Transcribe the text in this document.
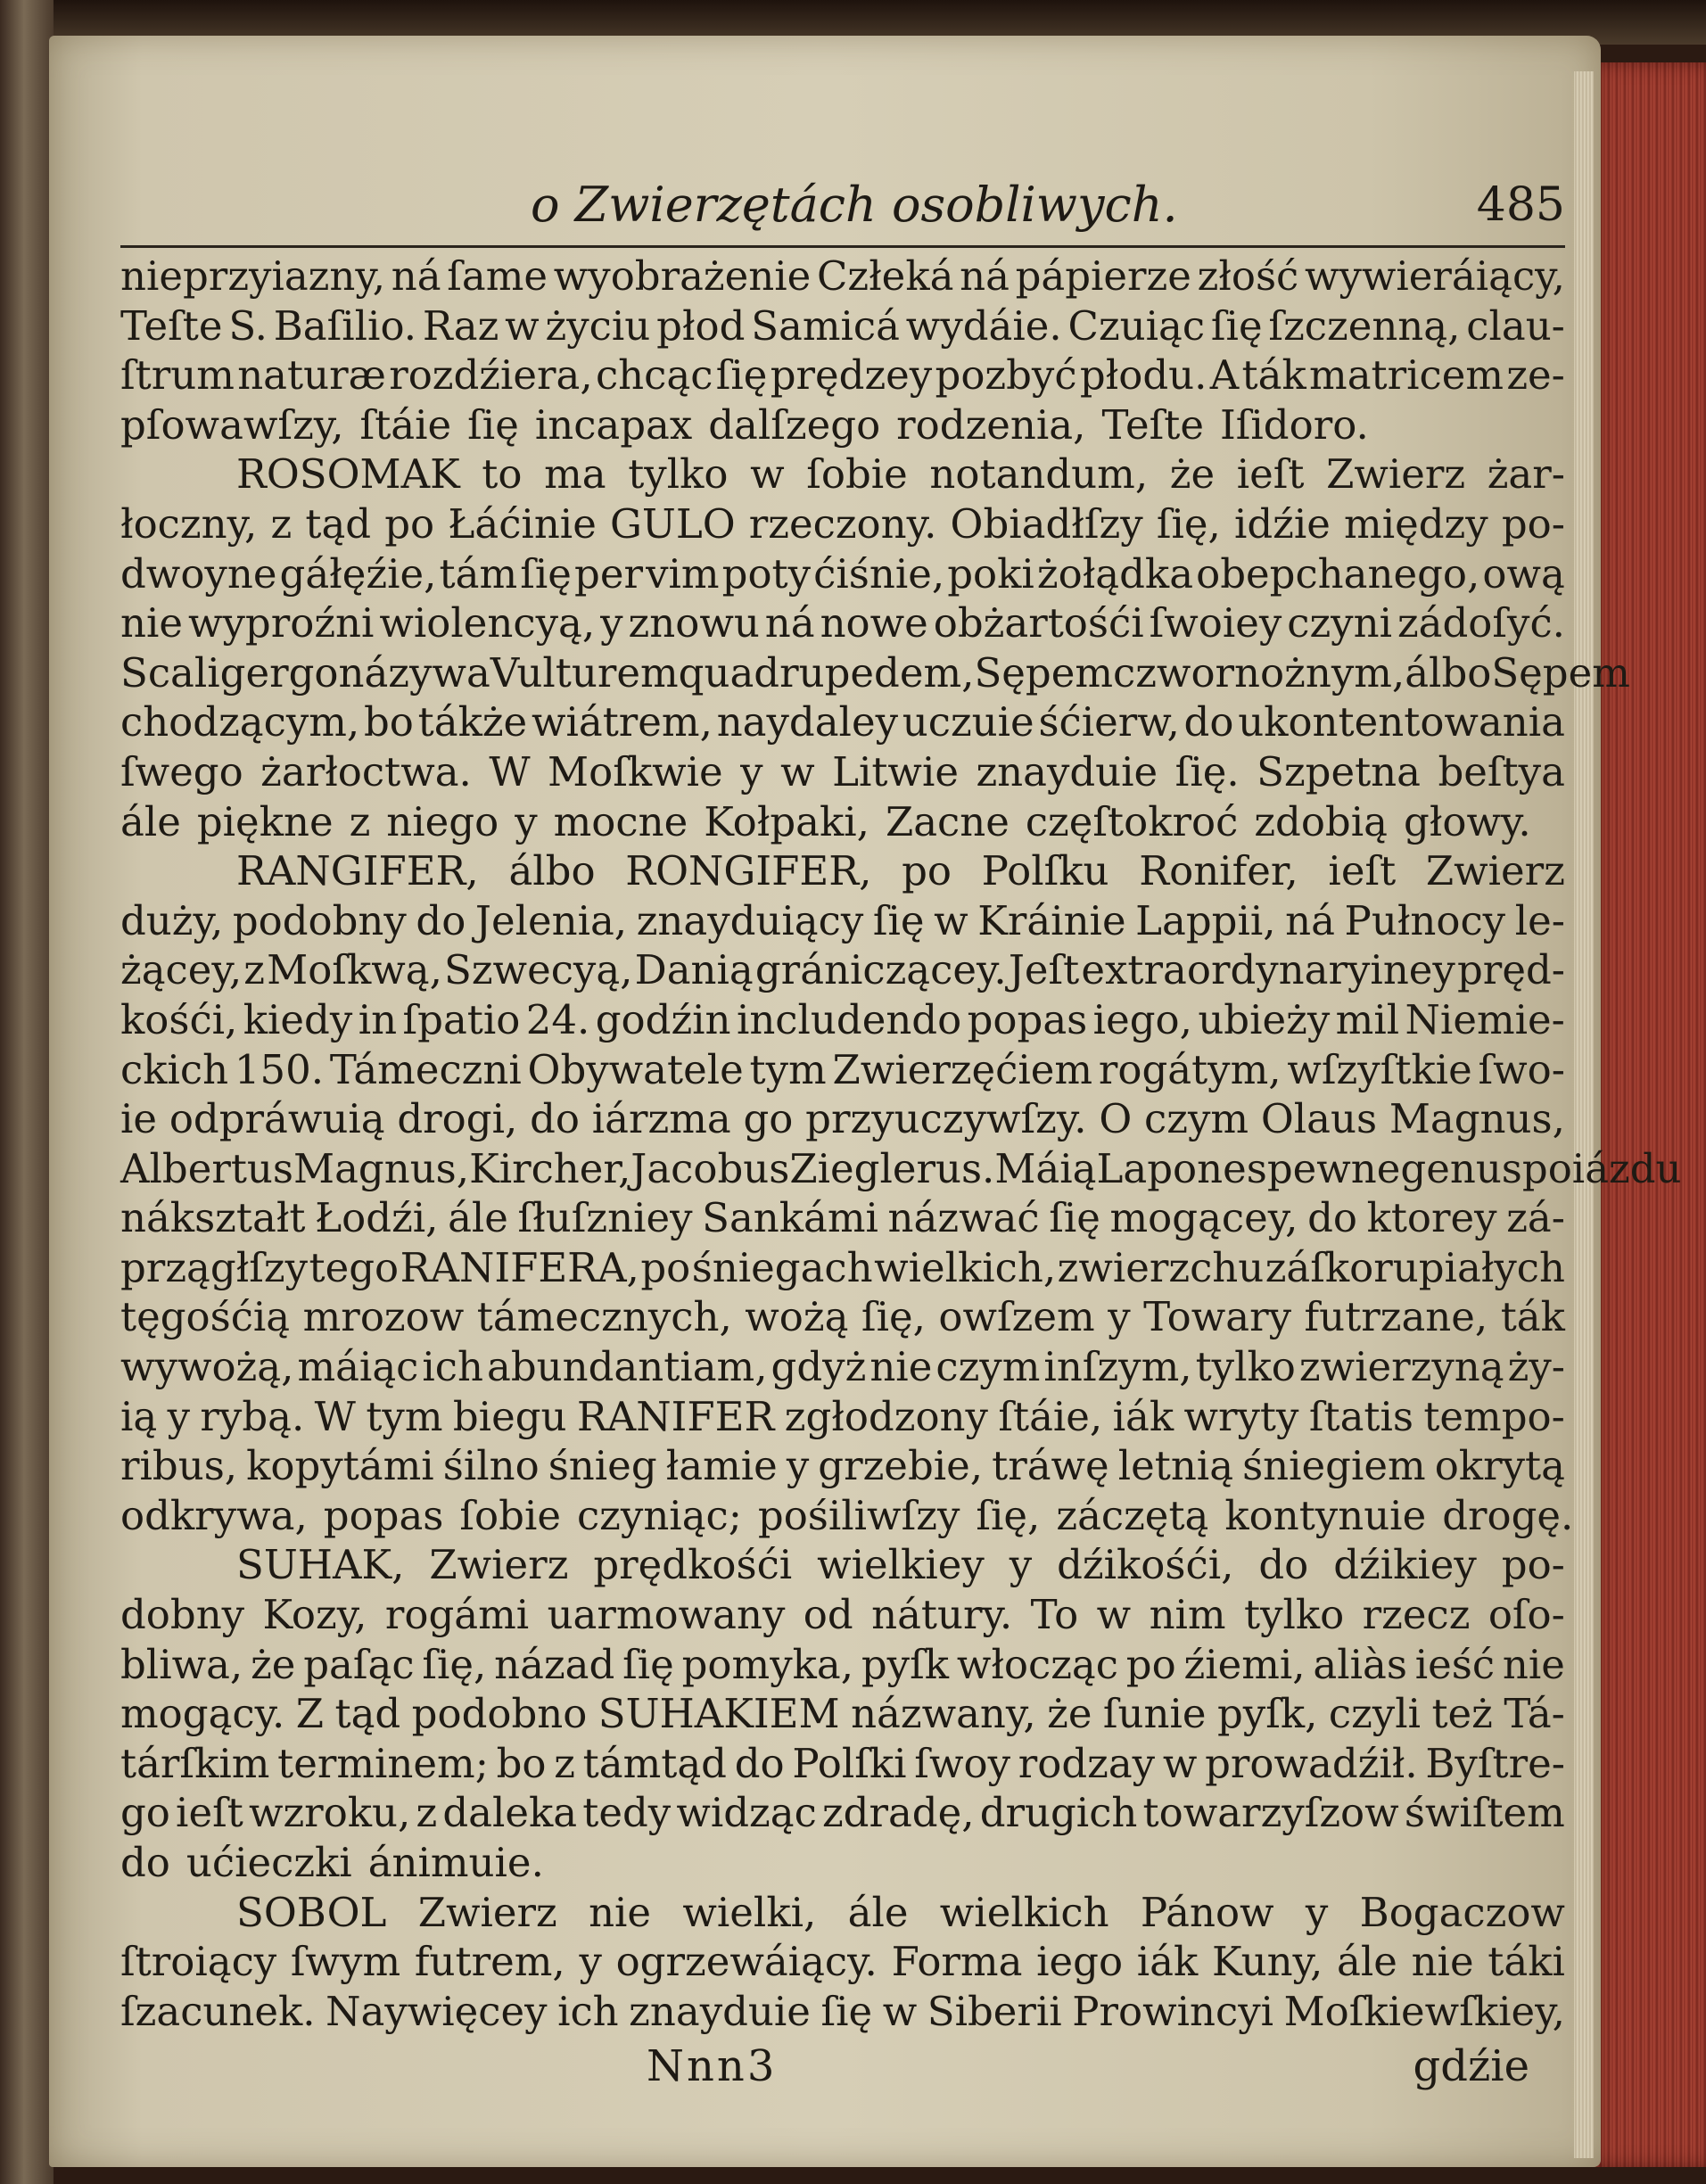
o Zwierzętách osobliwych.	485
nieprzyiazny, ná ſame wyobrażenie Człeká ná pápierze złość wywieráiący,
Teſte S. Baſilio. Raz w życiu płod Samicá wydáie. Czuiąc ſię ſzczenną, clau-
ſtrum naturæ rozdźiera, chcąc ſię prędzey pozbyć płodu. A ták matricem ze-
pſowawſzy, ſtáie ſię incapax dalſzego rodzenia, Teſte Iſidoro.
ROSOMAK to ma tylko w ſobie notandum, że ieſt Zwierz żar-
łoczny, z tąd po Łáćinie GULO rzeczony. Obiadłſzy ſię, idźie między po-
dwoyne gáłęźie, tám ſię per vim poty ćiśnie, poki żołądka obepchanego, ową
nie wyproźni wiolencyą, y znowu ná nowe obżartośći ſwoiey czyni zádoſyć.
Scaliger go názywa Vulturem quadrupedem, Sępem czwornożnym, álbo Sępem
chodzącym, bo tákże wiátrem, naydaley uczuie śćierw, do ukontentowania
ſwego żarłoctwa. W Moſkwie y w Litwie znayduie ſię. Szpetna beſtya
ále piękne z niego y mocne Kołpaki, Zacne częſtokroć zdobią głowy.
RANGIFER, álbo RONGIFER, po Polſku Ronifer, ieſt Zwierz
duży, podobny do Jelenia, znayduiący ſię w Kráinie Lappii, ná Pułnocy le-
żącey, z Moſkwą, Szwecyą, Danią grániczącey. Jeſt extraordynaryiney pręd-
kośći, kiedy in ſpatio 24. godźin includendo popas iego, ubieży mil Niemie-
ckich 150. Támeczni Obywatele tym Zwierzęćiem rogátym, wſzyſtkie ſwo-
ie odpráwuią drogi, do iárzma go przyuczywſzy. O czym Olaus Magnus,
Albertus Magnus, Kircher, Jacobus Zieglerus. Máią Lapones pewne genus poiázdu
nákształt Łodźi, ále ſłuſzniey Sankámi názwać ſię mogącey, do ktorey zá-
przągłſzy tego RANIFERA, po śniegach wielkich, zwierzchu záſkorupiałych
tęgośćią mrozow támecznych, wożą ſię, owſzem y Towary futrzane, ták
wywożą, máiąc ich abundantiam, gdyż nie czym inſzym, tylko zwierzyną ży-
ią y rybą. W tym biegu RANIFER zgłodzony ſtáie, iák wryty ſtatis tempo-
ribus, kopytámi śilno śnieg łamie y grzebie, tráwę letnią śniegiem okrytą
odkrywa, popas ſobie czyniąc; pośiliwſzy ſię, záczętą kontynuie drogę.
SUHAK, Zwierz prędkośći wielkiey y dźikośći, do dźikiey po-
dobny Kozy, rogámi uarmowany od nátury. To w nim tylko rzecz oſo-
bliwa, że paſąc ſię, názad ſię pomyka, pyſk włocząc po źiemi, aliàs ieść nie
mogący. Z tąd podobno SUHAKIEM názwany, że ſunie pyſk, czyli też Tá-
tárſkim terminem; bo z támtąd do Polſki ſwoy rodzay w prowadźił. Byſtre-
go ieſt wzroku, z daleka tedy widząc zdradę, drugich towarzyſzow świſtem
do ućieczki ánimuie.
SOBOL Zwierz nie wielki, ále wielkich Pánow y Bogaczow
ſtroiący ſwym futrem, y ogrzewáiący. Forma iego iák Kuny, ále nie táki
ſzacunek. Naywięcey ich znayduie ſię w Siberii Prowincyi Moſkiewſkiey,
Nnn3	gdźie
